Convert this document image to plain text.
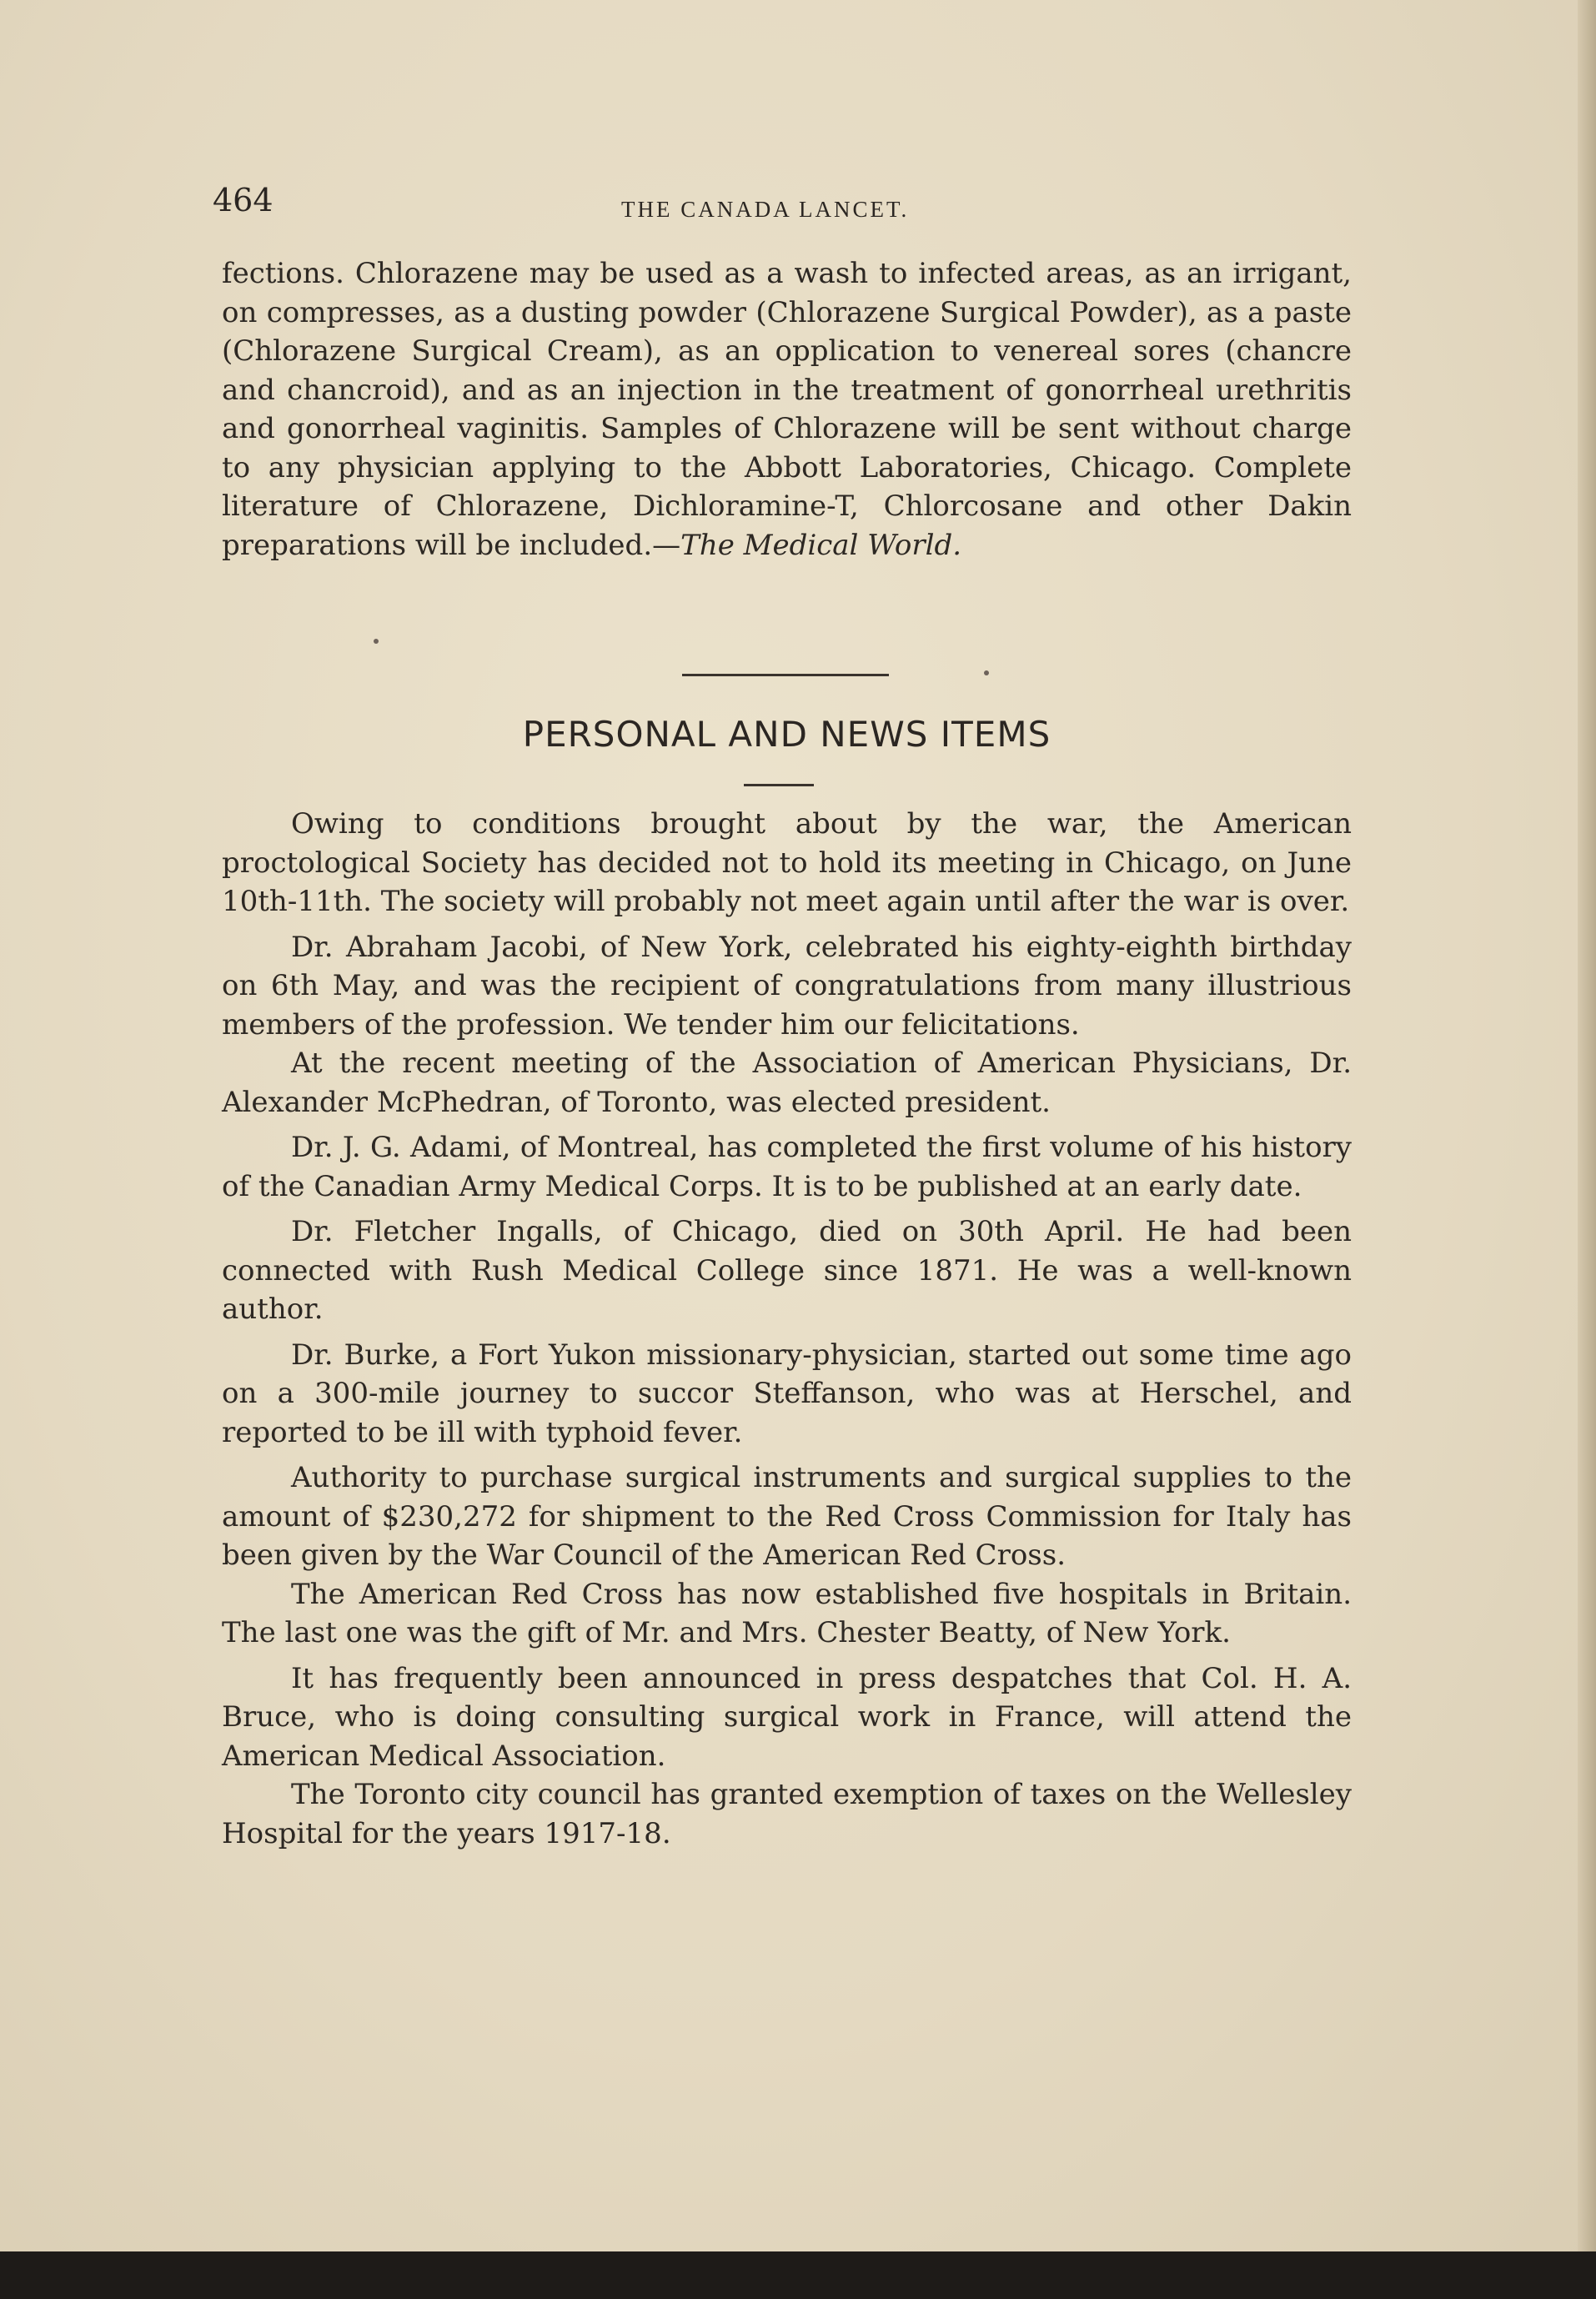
464	THE CANADA LANCET.
fections. Chlorazene may be used as a wash to infected areas, as an irrigant, on compresses, as a dusting powder (Chlorazene Surgical Powder), as a paste (Chlorazene Surgical Cream), as an opplication to venereal sores (chancre and chancroid), and as an injection in the treatment of gonorrheal urethritis and gonorrheal vaginitis. Samples of Chlorazene will be sent without charge to any physician applying to the Abbott Laboratories, Chicago. Complete literature of Chlorazene, Dichloramine-T, Chlorcosane and other Dakin preparations will be included.—The Medical World.
PERSONAL AND NEWS ITEMS

Owing to conditions brought about by the war, the American proctological Society has decided not to hold its meeting in Chicago, on June 10th-11th. The society will probably not meet again until after the war is over.

Dr. Abraham Jacobi, of New York, celebrated his eighty-eighth birthday on 6th May, and was the recipient of congratulations from many illustrious members of the profession. We tender him our felicitations.

At the recent meeting of the Association of American Physicians, Dr. Alexander McPhedran, of Toronto, was elected president.

Dr. J. G. Adami, of Montreal, has completed the first volume of his history of the Canadian Army Medical Corps. It is to be published at an early date.

Dr. Fletcher Ingalls, of Chicago, died on 30th April. He had been connected with Rush Medical College since 1871. He was a well-known author.

Dr. Burke, a Fort Yukon missionary-physician, started out some time ago on a 300-mile journey to succor Steffanson, who was at Herschel, and reported to be ill with typhoid fever.

Authority to purchase surgical instruments and surgical supplies to the amount of $230,272 for shipment to the Red Cross Commission for Italy has been given by the War Council of the American Red Cross.

The American Red Cross has now established five hospitals in Britain. The last one was the gift of Mr. and Mrs. Chester Beatty, of New York.

It has frequently been announced in press despatches that Col. H. A. Bruce, who is doing consulting surgical work in France, will attend the American Medical Association.

The Toronto city council has granted exemption of taxes on the Wellesley Hospital for the years 1917-18.
